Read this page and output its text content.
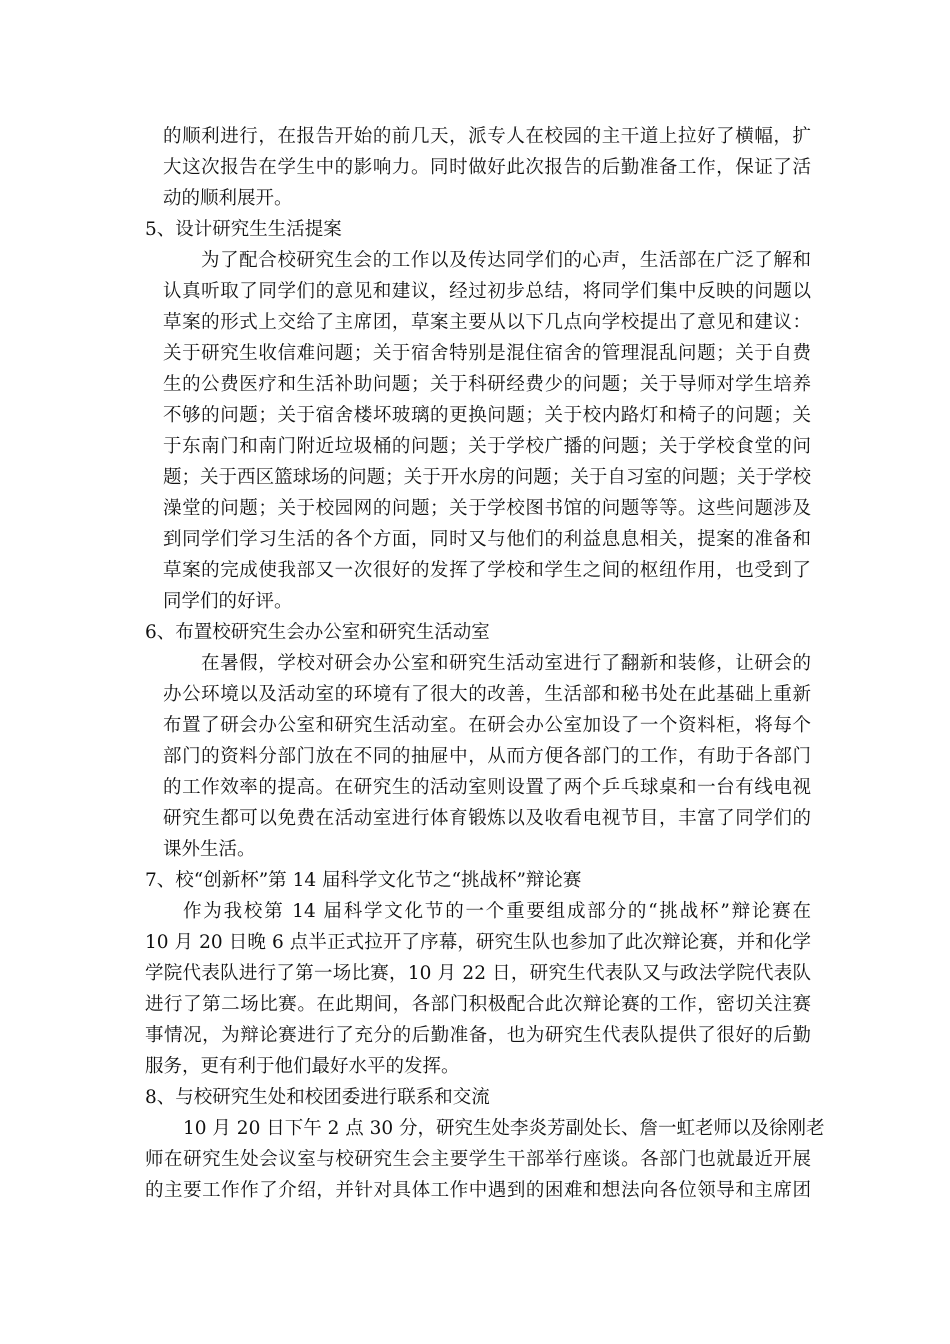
的顺利进行，在报告开始的前几天，派专人在校园的主干道上拉好了横幅，扩
大这次报告在学生中的影响力。同时做好此次报告的后勤准备工作，保证了活
动的顺利展开。
5、设计研究生生活提案
为了配合校研究生会的工作以及传达同学们的心声，生活部在广泛了解和
认真听取了同学们的意见和建议，经过初步总结，将同学们集中反映的问题以
草案的形式上交给了主席团，草案主要从以下几点向学校提出了意见和建议：
关于研究生收信难问题；关于宿舍特别是混住宿舍的管理混乱问题；关于自费
生的公费医疗和生活补助问题；关于科研经费少的问题；关于导师对学生培养
不够的问题；关于宿舍楼坏玻璃的更换问题；关于校内路灯和椅子的问题；关
于东南门和南门附近垃圾桶的问题；关于学校广播的问题；关于学校食堂的问
题；关于西区篮球场的问题；关于开水房的问题；关于自习室的问题；关于学校
澡堂的问题；关于校园网的问题；关于学校图书馆的问题等等。这些问题涉及
到同学们学习生活的各个方面，同时又与他们的利益息息相关，提案的准备和
草案的完成使我部又一次很好的发挥了学校和学生之间的枢纽作用，也受到了
同学们的好评。
6、布置校研究生会办公室和研究生活动室
在暑假，学校对研会办公室和研究生活动室进行了翻新和装修，让研会的
办公环境以及活动室的环境有了很大的改善，生活部和秘书处在此基础上重新
布置了研会办公室和研究生活动室。在研会办公室加设了一个资料柜，将每个
部门的资料分部门放在不同的抽屉中，从而方便各部门的工作，有助于各部门
的工作效率的提高。在研究生的活动室则设置了两个乒乓球桌和一台有线电视
研究生都可以免费在活动室进行体育锻炼以及收看电视节目，丰富了同学们的
课外生活。
7、校“创新杯”第 14 届科学文化节之“挑战杯”辩论赛
作为我校第 14 届科学文化节的一个重要组成部分的“挑战杯”辩论赛在
10 月 20 日晚 6 点半正式拉开了序幕，研究生队也参加了此次辩论赛，并和化学
学院代表队进行了第一场比赛，10 月 22 日，研究生代表队又与政法学院代表队
进行了第二场比赛。在此期间，各部门积极配合此次辩论赛的工作，密切关注赛
事情况，为辩论赛进行了充分的后勤准备，也为研究生代表队提供了很好的后勤
服务，更有利于他们最好水平的发挥。
8、与校研究生处和校团委进行联系和交流
10 月 20 日下午 2 点 30 分，研究生处李炎芳副处长、詹一虹老师以及徐刚老
师在研究生处会议室与校研究生会主要学生干部举行座谈。各部门也就最近开展
的主要工作作了介绍，并针对具体工作中遇到的困难和想法向各位领导和主席团
